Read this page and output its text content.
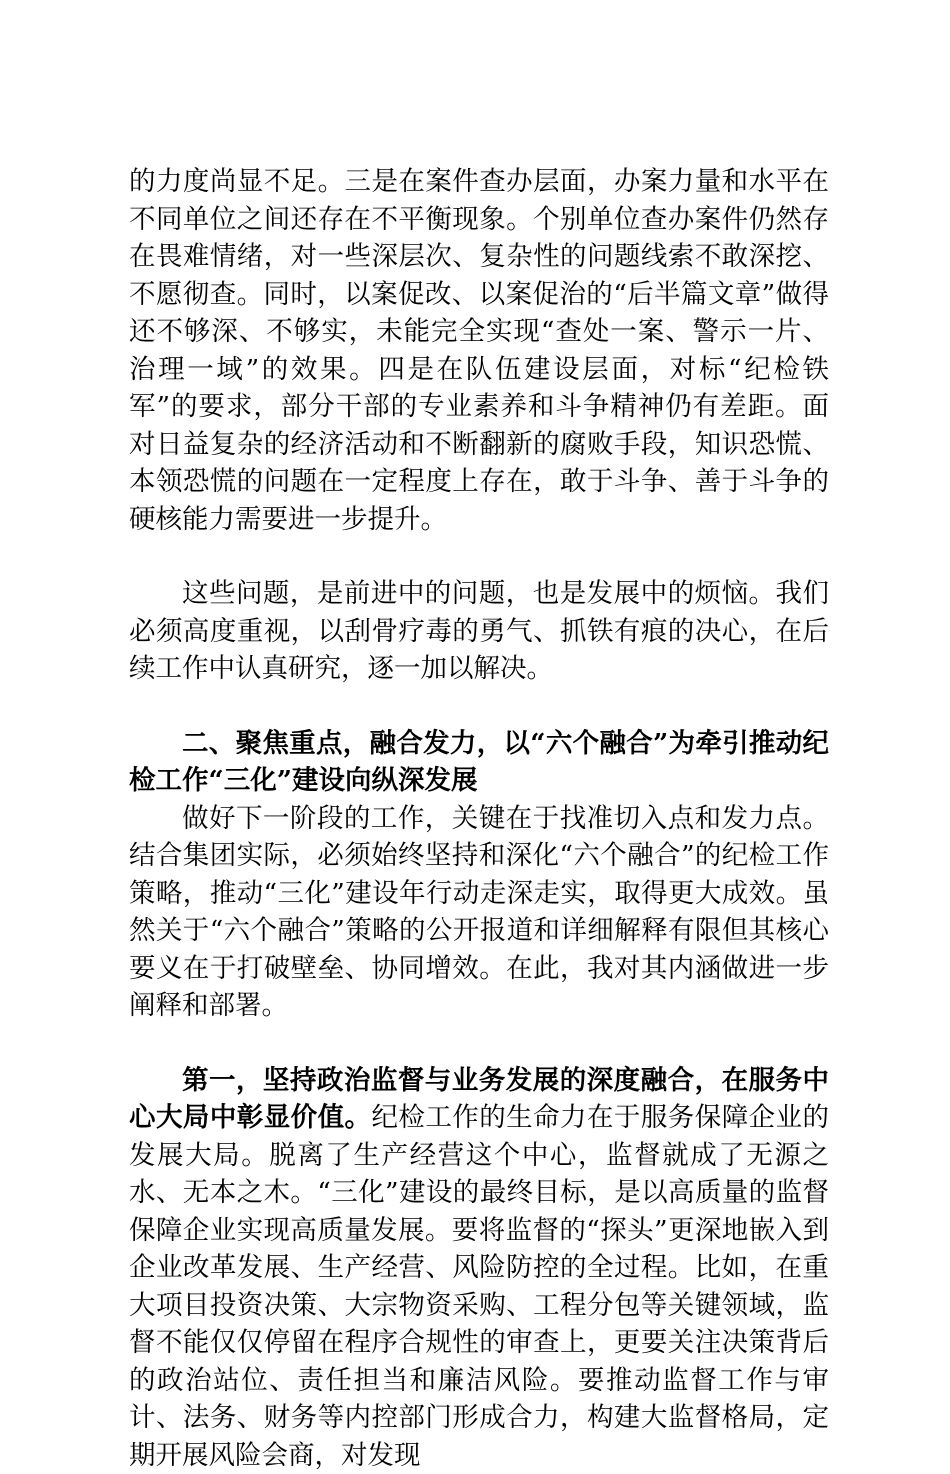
的力度尚显不足。三是在案件查办层面，办案力量和水平在不同单位之间还存在不平衡现象。个别单位查办案件仍然存在畏难情绪，对一些深层次、复杂性的问题线索不敢深挖、不愿彻查。同时，以案促改、以案促治的“后半篇文章”做得还不够深、不够实，未能完全实现“查处一案、警示一片、治理一域”的效果。四是在队伍建设层面，对标“纪检铁军”的要求，部分干部的专业素养和斗争精神仍有差距。面对日益复杂的经济活动和不断翻新的腐败手段，知识恐慌、本领恐慌的问题在一定程度上存在，敢于斗争、善于斗争的硬核能力需要进一步提升。

这些问题，是前进中的问题，也是发展中的烦恼。我们必须高度重视，以刮骨疗毒的勇气、抓铁有痕的决心，在后续工作中认真研究，逐一加以解决。

二、聚焦重点，融合发力，以“六个融合”为牵引推动纪检工作“三化”建设向纵深发展

做好下一阶段的工作，关键在于找准切入点和发力点。结合集团实际，必须始终坚持和深化“六个融合”的纪检工作策略，推动“三化”建设年行动走深走实，取得更大成效。虽然关于“六个融合”策略的公开报道和详细解释有限但其核心要义在于打破壁垒、协同增效。在此，我对其内涵做进一步阐释和部署。

第一，坚持政治监督与业务发展的深度融合，在服务中心大局中彰显价值。纪检工作的生命力在于服务保障企业的发展大局。脱离了生产经营这个中心，监督就成了无源之水、无本之木。“三化”建设的最终目标，是以高质量的监督保障企业实现高质量发展。要将监督的“探头”更深地嵌入到企业改革发展、生产经营、风险防控的全过程。比如，在重大项目投资决策、大宗物资采购、工程分包等关键领域，监督不能仅仅停留在程序合规性的审查上，更要关注决策背后的政治站位、责任担当和廉洁风险。要推动监督工作与审计、法务、财务等内控部门形成合力，构建大监督格局，定期开展风险会商，对发现
